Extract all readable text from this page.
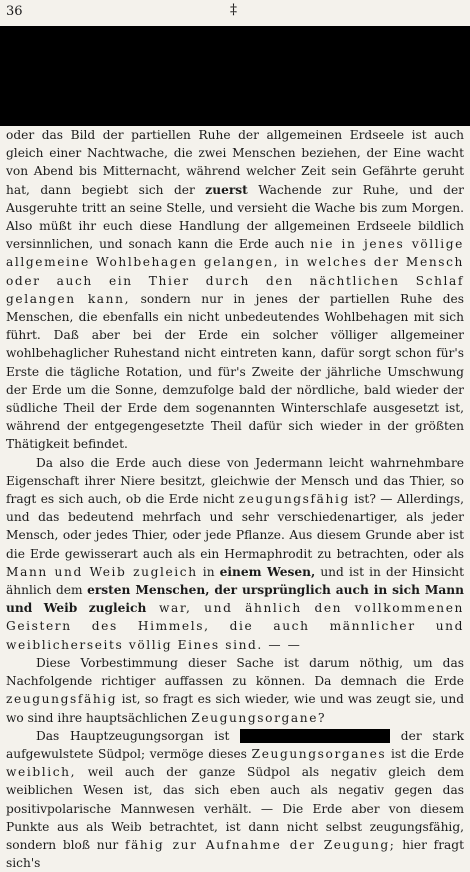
36	‡

oder das Bild der partiellen Ruhe der allgemeinen Erdseele ist auch gleich einer Nachtwache, die zwei Menschen beziehen, der Eine wacht von Abend bis Mitternacht, während welcher Zeit sein Gefährte geruht hat, dann begiebt sich der zuerst Wachende zur Ruhe, und der Ausgeruhte tritt an seine Stelle, und versieht die Wache bis zum Morgen. Also müßt ihr euch diese Handlung der allgemeinen Erdseele bildlich versinnlichen, und sonach kann die Erde auch nie in jenes völlige allgemeine Wohlbehagen gelangen, in welches der Mensch oder auch ein Thier durch den nächtlichen Schlaf gelangen kann, sondern nur in jenes der partiellen Ruhe des Menschen, die ebenfalls ein nicht unbedeutendes Wohlbehagen mit sich führt. Daß aber bei der Erde ein solcher völliger allgemeiner wohlbehaglicher Ruhestand nicht eintreten kann, dafür sorgt schon für's Erste die tägliche Rotation, und für's Zweite der jährliche Umschwung der Erde um die Sonne, demzufolge bald der nördliche, bald wieder der südliche Theil der Erde dem sogenannten Winterschlafe ausgesetzt ist, während der entgegengesetzte Theil dafür sich wieder in der größten Thätigkeit befindet.

Da also die Erde auch diese von Jedermann leicht wahrnehmbare Eigenschaft ihrer Niere besitzt, gleichwie der Mensch und das Thier, so fragt es sich auch, ob die Erde nicht zeugungsfähig ist? — Allerdings, und das bedeutend mehrfach und sehr verschiedenartiger, als jeder Mensch, oder jedes Thier, oder jede Pflanze. Aus diesem Grunde aber ist die Erde gewisserart auch als ein Hermaphrodit zu betrachten, oder als Mann und Weib zugleich in einem Wesen, und ist in der Hinsicht ähnlich dem ersten Menschen, der ursprünglich auch in sich Mann und Weib zugleich war, und ähnlich den vollkommenen Geistern des Himmels, die auch männlicher und weiblicherseits völlig Eines sind. — —

Diese Vorbestimmung dieser Sache ist darum nöthig, um das Nachfolgende richtiger auffassen zu können. Da demnach die Erde zeugungsfähig ist, so fragt es sich wieder, wie und was zeugt sie, und wo sind ihre hauptsächlichen Zeugungsorgane?

Das Hauptzeugungsorgan ist	der stark aufgewulstete Südpol; vermöge dieses Zeugungsorganes ist die Erde weiblich, weil auch der ganze Südpol als negativ gleich dem weiblichen Wesen ist, das sich eben auch als negativ gegen das positivpolarische Mannwesen verhält. — Die Erde aber von diesem Punkte aus als Weib betrachtet, ist dann nicht selbst zeugungsfähig, sondern bloß nur fähig zur Aufnahme der Zeugung; hier fragt sich's
